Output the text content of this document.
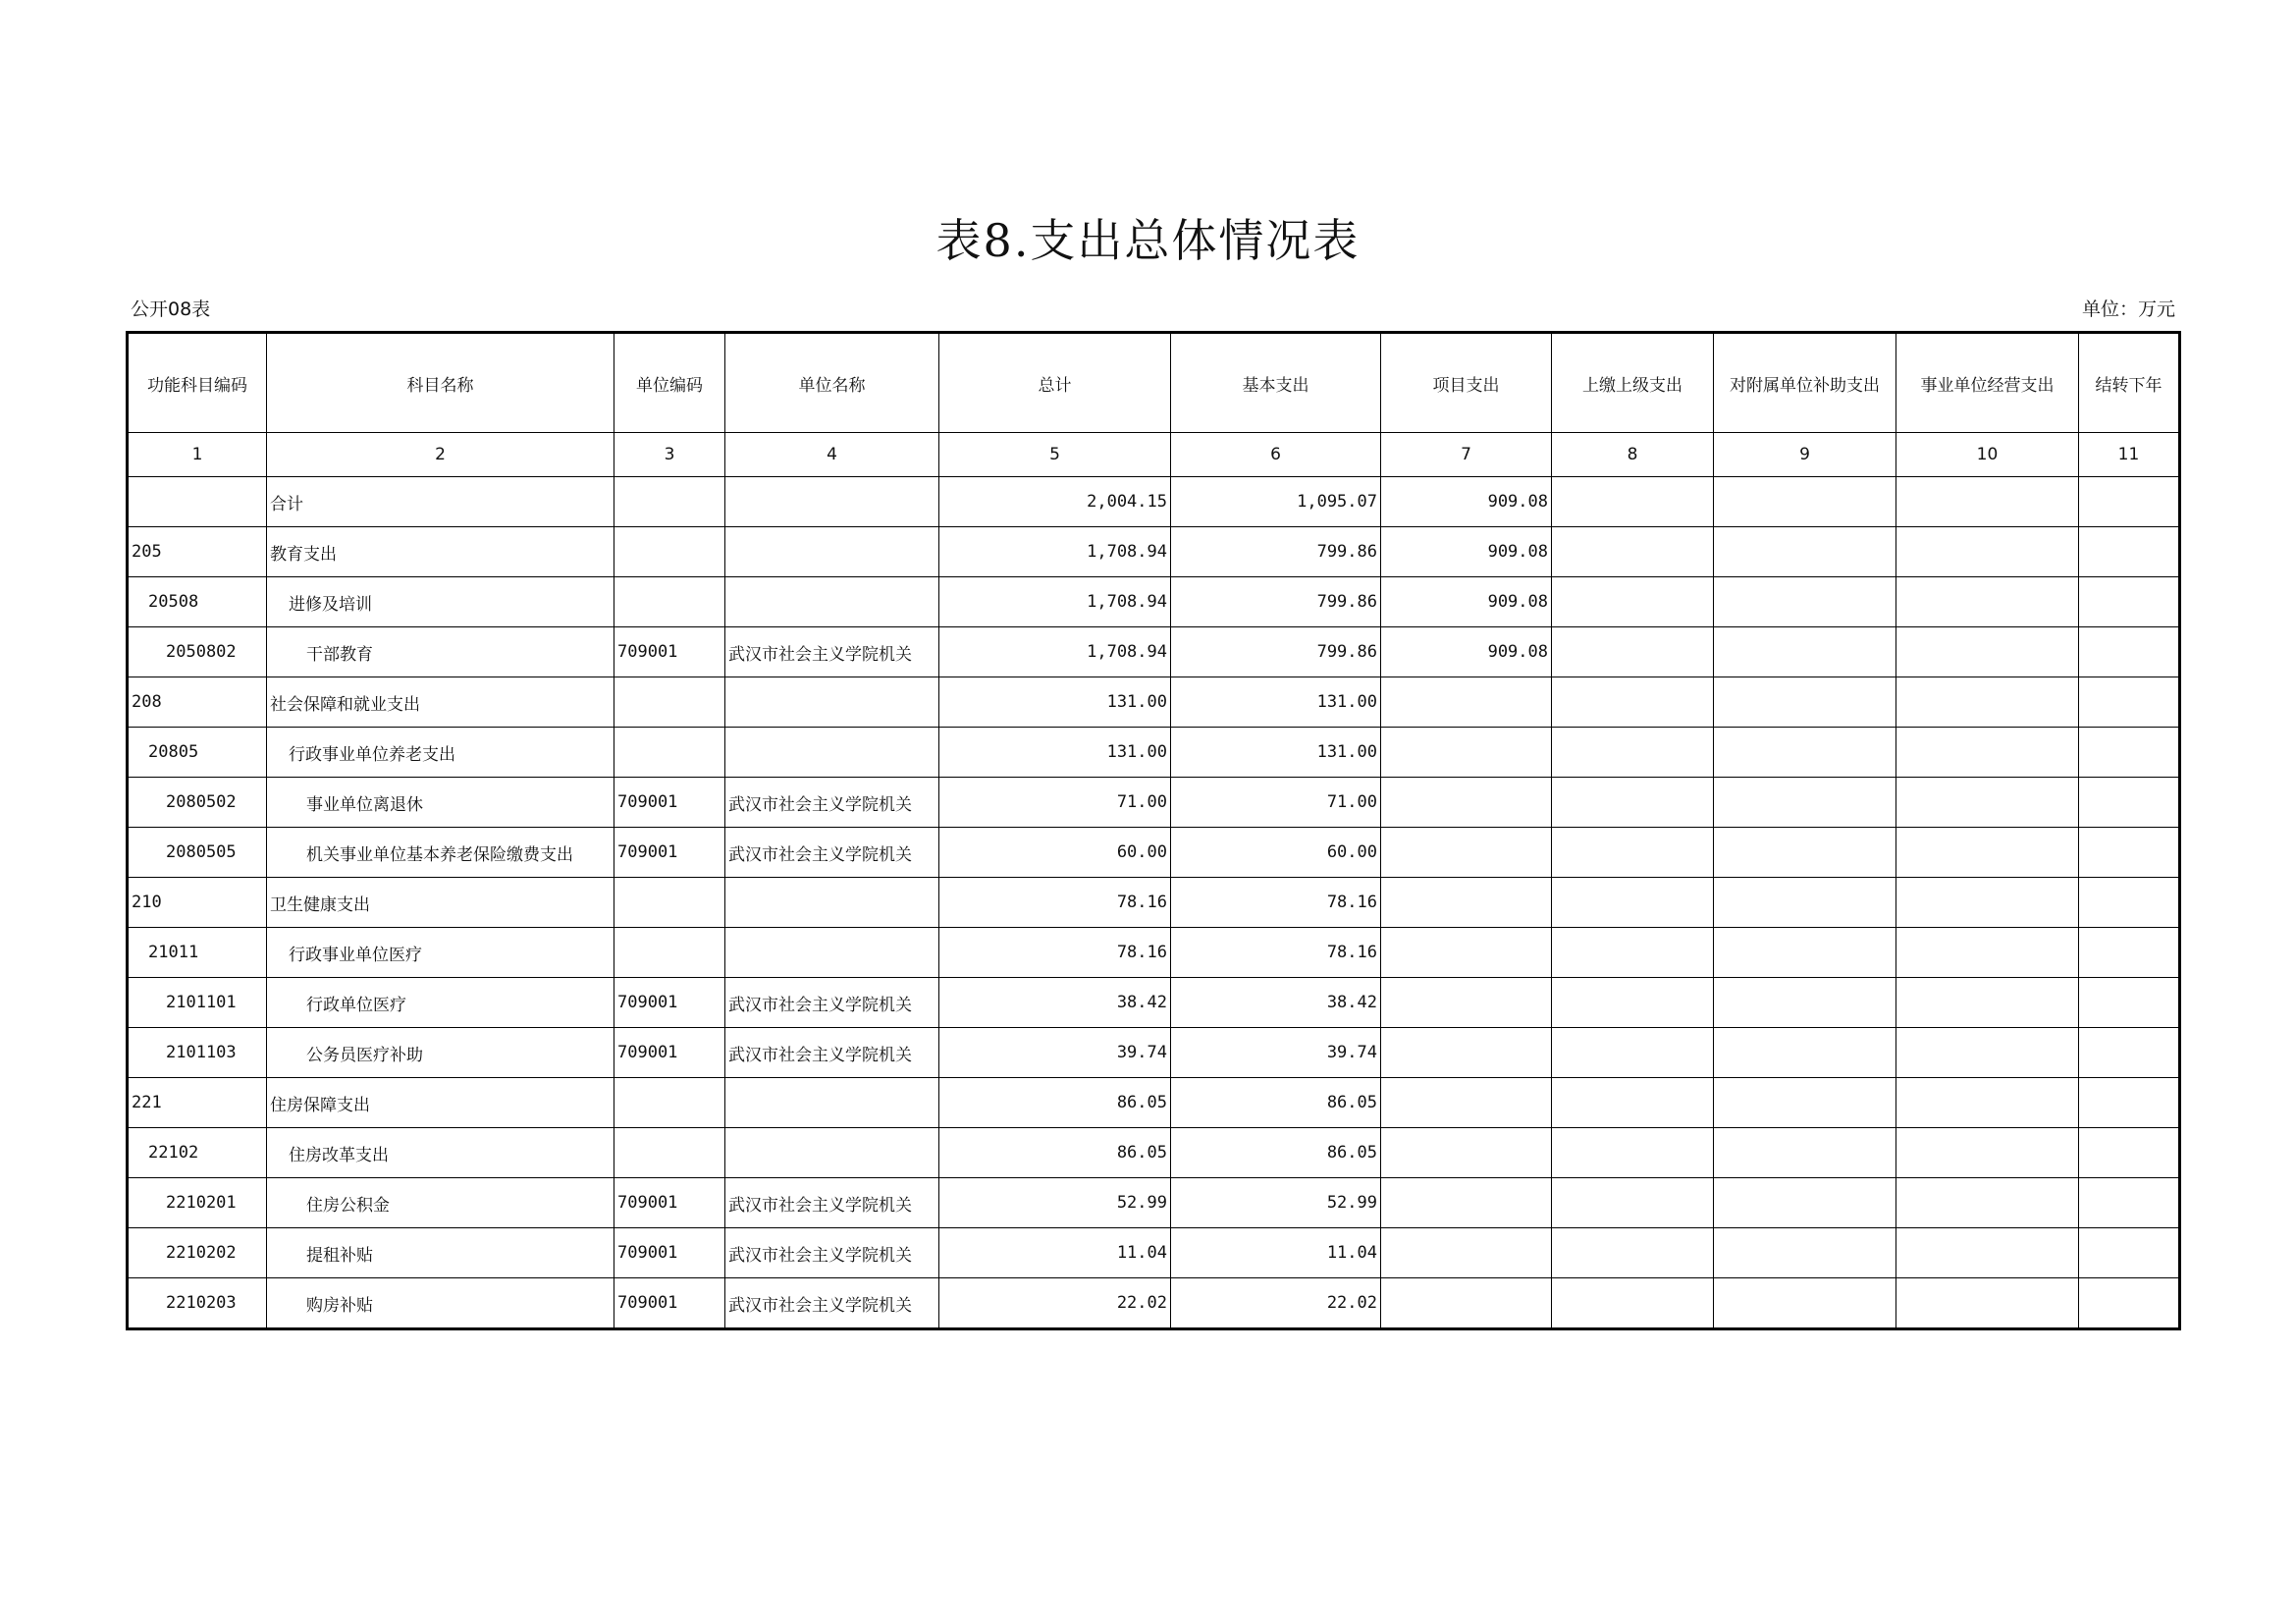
表8.支出总体情况表
公开08表	单位：万元
功能科目编码	科目名称	单位编码	单位名称	总计	基本支出	项目支出	上缴上级支出	对附属单位补助支出	事业单位经营支出	结转下年
1	2	3	4	5	6	7	8	9	10	11
	合计			2,004.15	1,095.07	909.08				
205	教育支出			1,708.94	799.86	909.08				
20508	进修及培训			1,708.94	799.86	909.08				
2050802	干部教育	709001	武汉市社会主义学院机关	1,708.94	799.86	909.08				
208	社会保障和就业支出			131.00	131.00					
20805	行政事业单位养老支出			131.00	131.00					
2080502	事业单位离退休	709001	武汉市社会主义学院机关	71.00	71.00					
2080505	机关事业单位基本养老保险缴费支出	709001	武汉市社会主义学院机关	60.00	60.00					
210	卫生健康支出			78.16	78.16					
21011	行政事业单位医疗			78.16	78.16					
2101101	行政单位医疗	709001	武汉市社会主义学院机关	38.42	38.42					
2101103	公务员医疗补助	709001	武汉市社会主义学院机关	39.74	39.74					
221	住房保障支出			86.05	86.05					
22102	住房改革支出			86.05	86.05					
2210201	住房公积金	709001	武汉市社会主义学院机关	52.99	52.99					
2210202	提租补贴	709001	武汉市社会主义学院机关	11.04	11.04					
2210203	购房补贴	709001	武汉市社会主义学院机关	22.02	22.02					
